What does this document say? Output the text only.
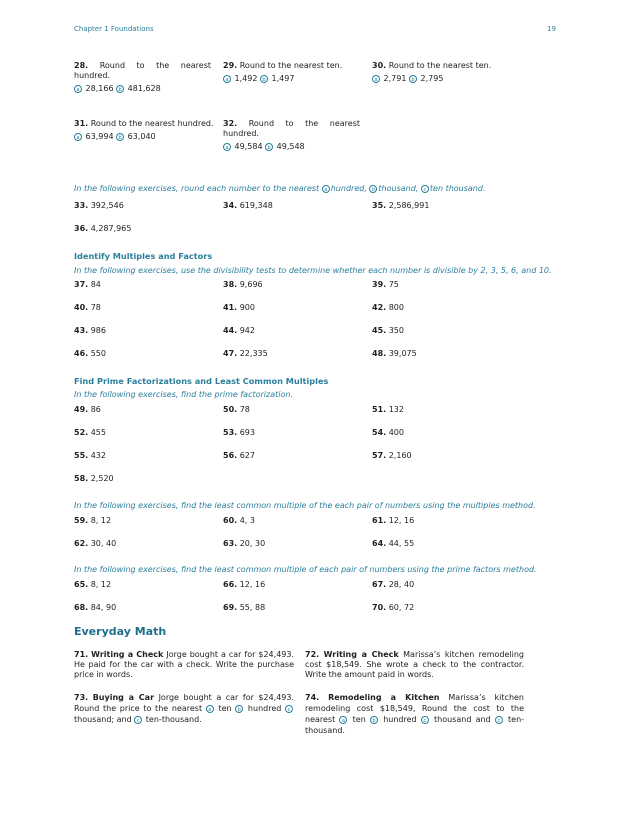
Chapter 1 Foundations	19
28. Round to the nearest hundred.
a 28,166 b 481,628
29. Round to the nearest ten.
a 1,492 b 1,497
30. Round to the nearest ten.
a 2,791 b 2,795
31. Round to the nearest hundred.
a 63,994 b 63,040
32. Round to the nearest hundred.
a 49,584 b 49,548
In the following exercises, round each number to the nearest a hundred, b thousand, c ten thousand.
33. 392,546	34. 619,348	35. 2,586,991
36. 4,287,965
Identify Multiples and Factors
In the following exercises, use the divisibility tests to determine whether each number is divisible by 2, 3, 5, 6, and 10.
37. 84	38. 9,696	39. 75
40. 78	41. 900	42. 800
43. 986	44. 942	45. 350
46. 550	47. 22,335	48. 39,075
Find Prime Factorizations and Least Common Multiples
In the following exercises, find the prime factorization.
49. 86	50. 78	51. 132
52. 455	53. 693	54. 400
55. 432	56. 627	57. 2,160
58. 2,520
In the following exercises, find the least common multiple of the each pair of numbers using the multiples method.
59. 8, 12	60. 4, 3	61. 12, 16
62. 30, 40	63. 20, 30	64. 44, 55
In the following exercises, find the least common multiple of each pair of numbers using the prime factors method.
65. 8, 12	66. 12, 16	67. 28, 40
68. 84, 90	69. 55, 88	70. 60, 72
Everyday Math
71. Writing a Check Jorge bought a car for $24,493. He paid for the car with a check. Write the purchase price in words.
72. Writing a Check Marissa’s kitchen remodeling cost $18,549. She wrote a check to the contractor. Write the amount paid in words.
73. Buying a Car Jorge bought a car for $24,493. Round the price to the nearest a ten b hundred c thousand; and c ten-thousand.
74. Remodeling a Kitchen Marissa’s kitchen remodeling cost $18,549, Round the cost to the nearest a ten b hundred c thousand and c ten-thousand.
